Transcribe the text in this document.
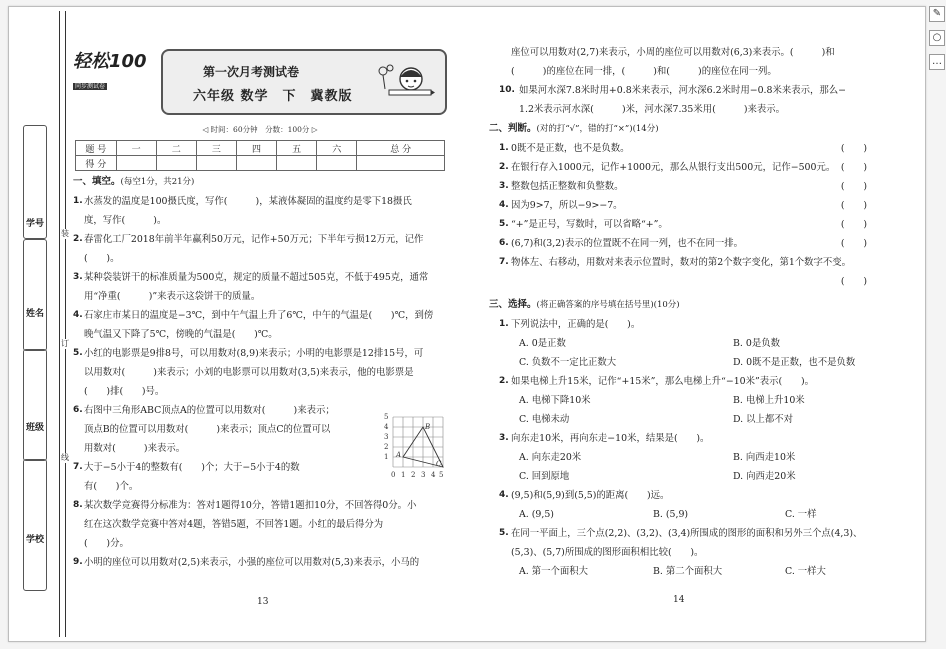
装
订
线
学号
姓名
班级
学校
轻松100
同步测试卷
第一次月考测试卷
六年级 数学　下　冀教版
◁ 时间：60分钟　分数：100分 ▷
题 号	一	二	三	四	五	六	总 分
得 分							

一、填空。(每空1分，共21分)

1. 水蒸发的温度是100摄氏度，写作(　　　)，某液体凝固的温度约是零下18摄氏

度，写作(　　　)。

2. 春雷化工厂2018年前半年赢利50万元，记作+50万元；下半年亏损12万元，记作

(　　)。

3. 某种袋装饼干的标准质量为500克，规定的质量不超过505克，不低于495克，通常

用“净重(　　　)”来表示这袋饼干的质量。

4. 石家庄市某日的温度是−3℃，到中午气温上升了6℃，中午的气温是(　　)℃，到傍

晚气温又下降了5℃，傍晚的气温是(　　)℃。

5. 小红的电影票是9排8号，可以用数对(8,9)来表示；小明的电影票是12排15号，可

以用数对(　　　)来表示；小刘的电影票可以用数对(3,5)来表示，他的电影票是

(　　)排(　　)号。

6. 右图中三角形ABC顶点A的位置可以用数对(　　　)来表示；

顶点B的位置可以用数对(　　　)来表示；顶点C的位置可以

用数对(　　　)来表示。

7. 大于−5小于4的整数有(　　)个；大于−5小于4的数

有(　　)个。

8. 某次数学竞赛得分标准为：答对1题得10分，答错1题扣10分，不回答得0分。小

红在这次数学竞赛中答对4题，答错5题，不回答1题。小红的最后得分为

(　　)分。

9. 小明的座位可以用数对(2,5)来表示，小强的座位可以用数对(5,3)来表示，小马的

5
4
3
2
1
0 1 2 3 4 5
A
B
C
13

座位可以用数对(2,7)来表示，小周的座位可以用数对(6,3)来表示。(　　　)和

(　　　)的座位在同一排，(　　　)和(　　　)的座位在同一列。

10. 如果河水深7.8米时用+0.8米来表示，河水深6.2米时用−0.8米来表示，那么−

1.2米表示河水深(　　　)米，河水深7.35米用(　　　)来表示。

二、判断。(对的打“√”，错的打“×”)(14分)

1. 0既不是正数，也不是负数。	(　　)
2. 在银行存入1000元，记作+1000元，那么从银行支出500元，记作−500元。 (　　)
3. 整数包括正整数和负整数。	(　　)
4. 因为9>7，所以−9>−7。	(　　)
5. “+”是正号，写数时，可以省略“+”。	(　　)
6. (6,7)和(3,2)表示的位置既不在同一列，也不在同一排。	(　　)
7. 物体左、右移动，用数对来表示位置时，数对的第2个数字变化，第1个数字不变。

(　　)

三、选择。(将正确答案的序号填在括号里)(10分)

1. 下列说法中，正确的是(　　)。

A. 0是正数	B. 0是负数
C. 负数不一定比正数大	D. 0既不是正数，也不是负数
2. 如果电梯上升15米，记作“+15米”，那么电梯上升“−10米”表示(　　)。

A. 电梯下降10米	B. 电梯上升10米
C. 电梯未动	D. 以上都不对
3. 向东走10米，再向东走−10米，结果是(　　)。

A. 向东走20米	B. 向西走10米
C. 回到原地	D. 向西走20米
4. (9,5)和(5,9)到(5,5)的距离(　　)远。

A. (9,5)	B. (5,9)	C. 一样
5. 在同一平面上，三个点(2,2)、(3,2)、(3,4)所围成的图形的面积和另外三个点(4,3)、

(5,3)、(5,7)所围成的图形面积相比较(　　)。

A. 第一个面积大	B. 第二个面积大	C. 一样大
14
✎
○
…
